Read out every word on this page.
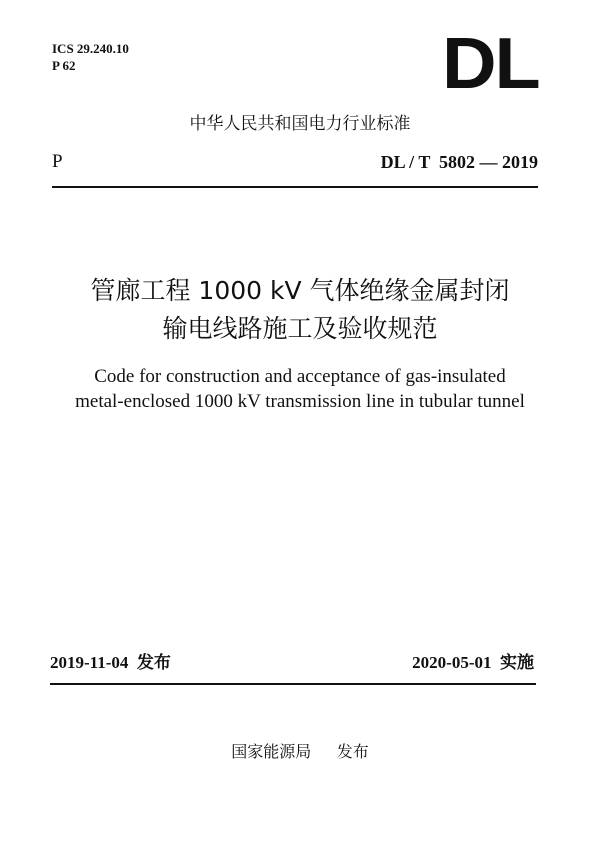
ICS 29.240.10
P 62	DL
中华人民共和国电力行业标准
P	DL / T  5802 — 2019
管廊工程 1000 kV 气体绝缘金属封闭
输电线路施工及验收规范
Code for construction and acceptance of gas-insulated
metal-enclosed 1000 kV transmission line in tubular tunnel
2019-11-04 发布	2020-05-01 实施
国家能源局 发布
